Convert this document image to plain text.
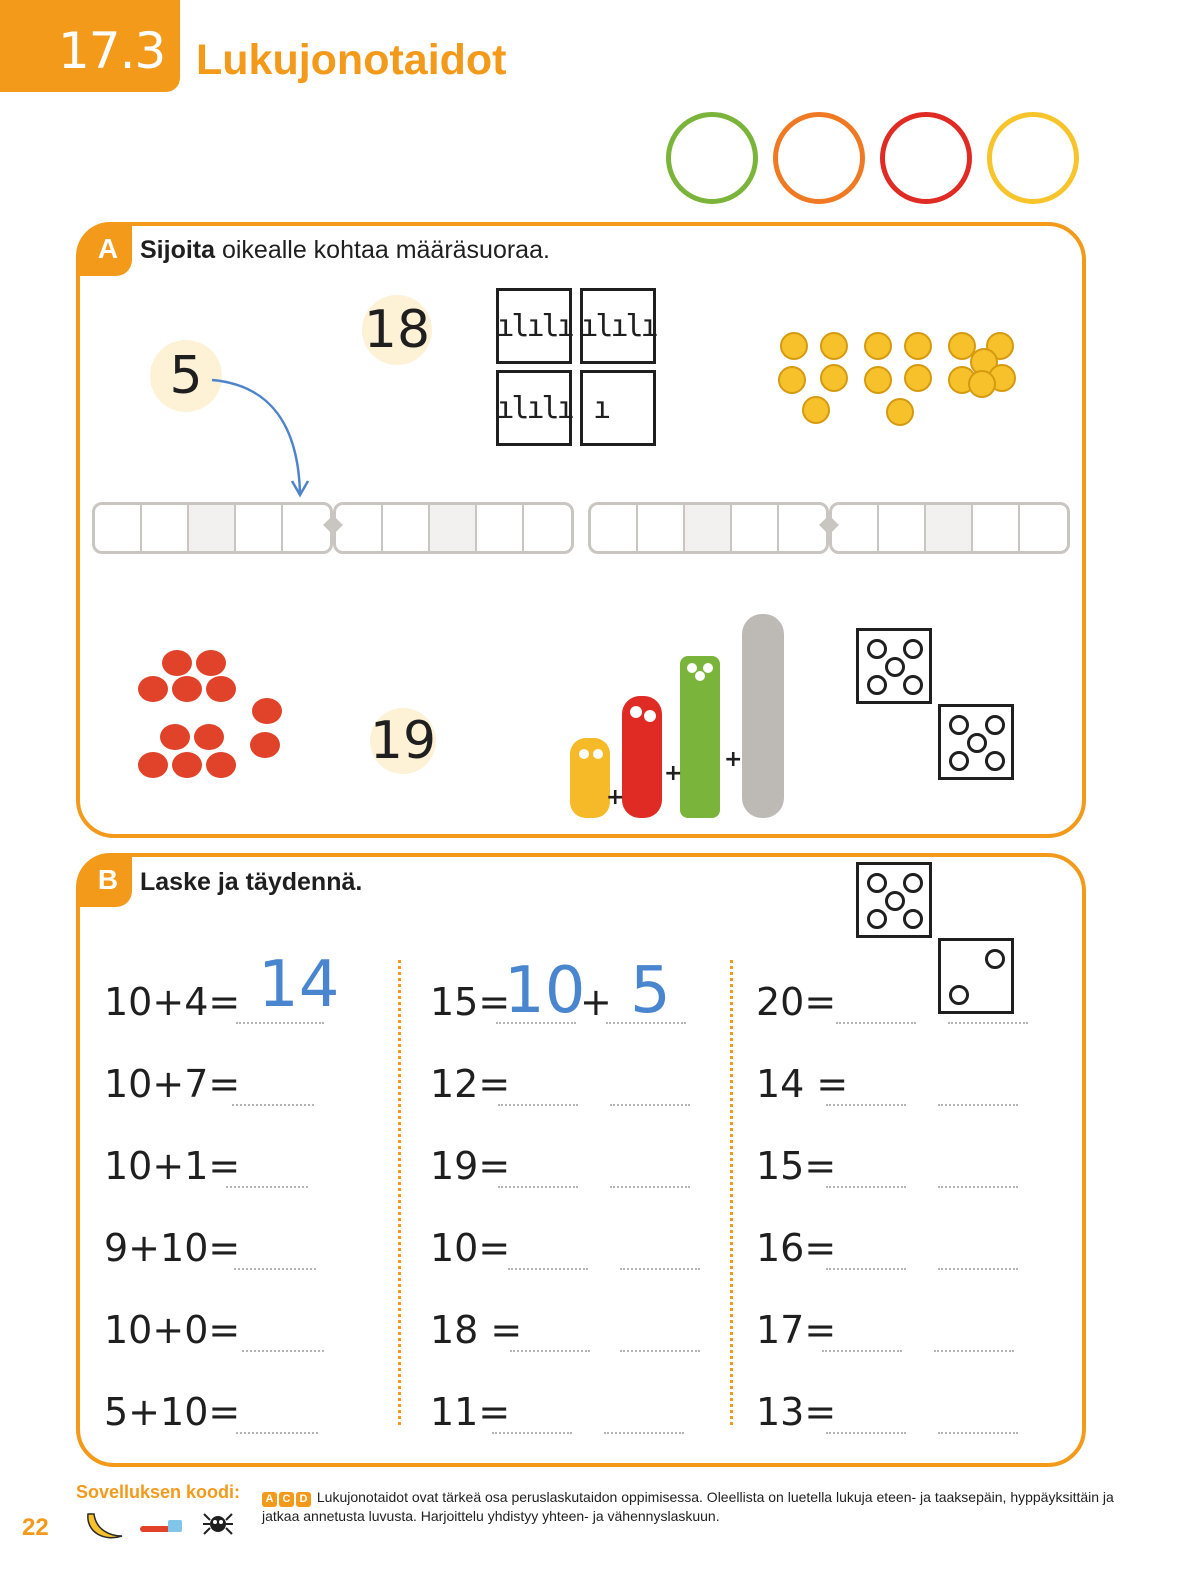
17.3 Lukujonotaidot
A Sijoita oikealle kohtaa määräsuoraa.
5
18 ılılı ılılı
ılılı ı
19
+
+
+
B Laske ja täydennä.
10+4= 14
10+7=
10+1=
9+10=
10+0=
5+10=
15=
10
+ 5
12=
19=
10=
18 =
11=
20=
14 =
15=
16=
17=
13=
Sovelluksen koodi:
22
A C D Lukujonotaidot ovat tärkeä osa peruslaskutaidon oppimisessa. Oleellista on luetella lukuja eteen- ja taaksepäin, hyppäyksittäin ja jatkaa annetusta luvusta. Harjoittelu yhdistyy yhteen- ja vähennyslaskuun.
